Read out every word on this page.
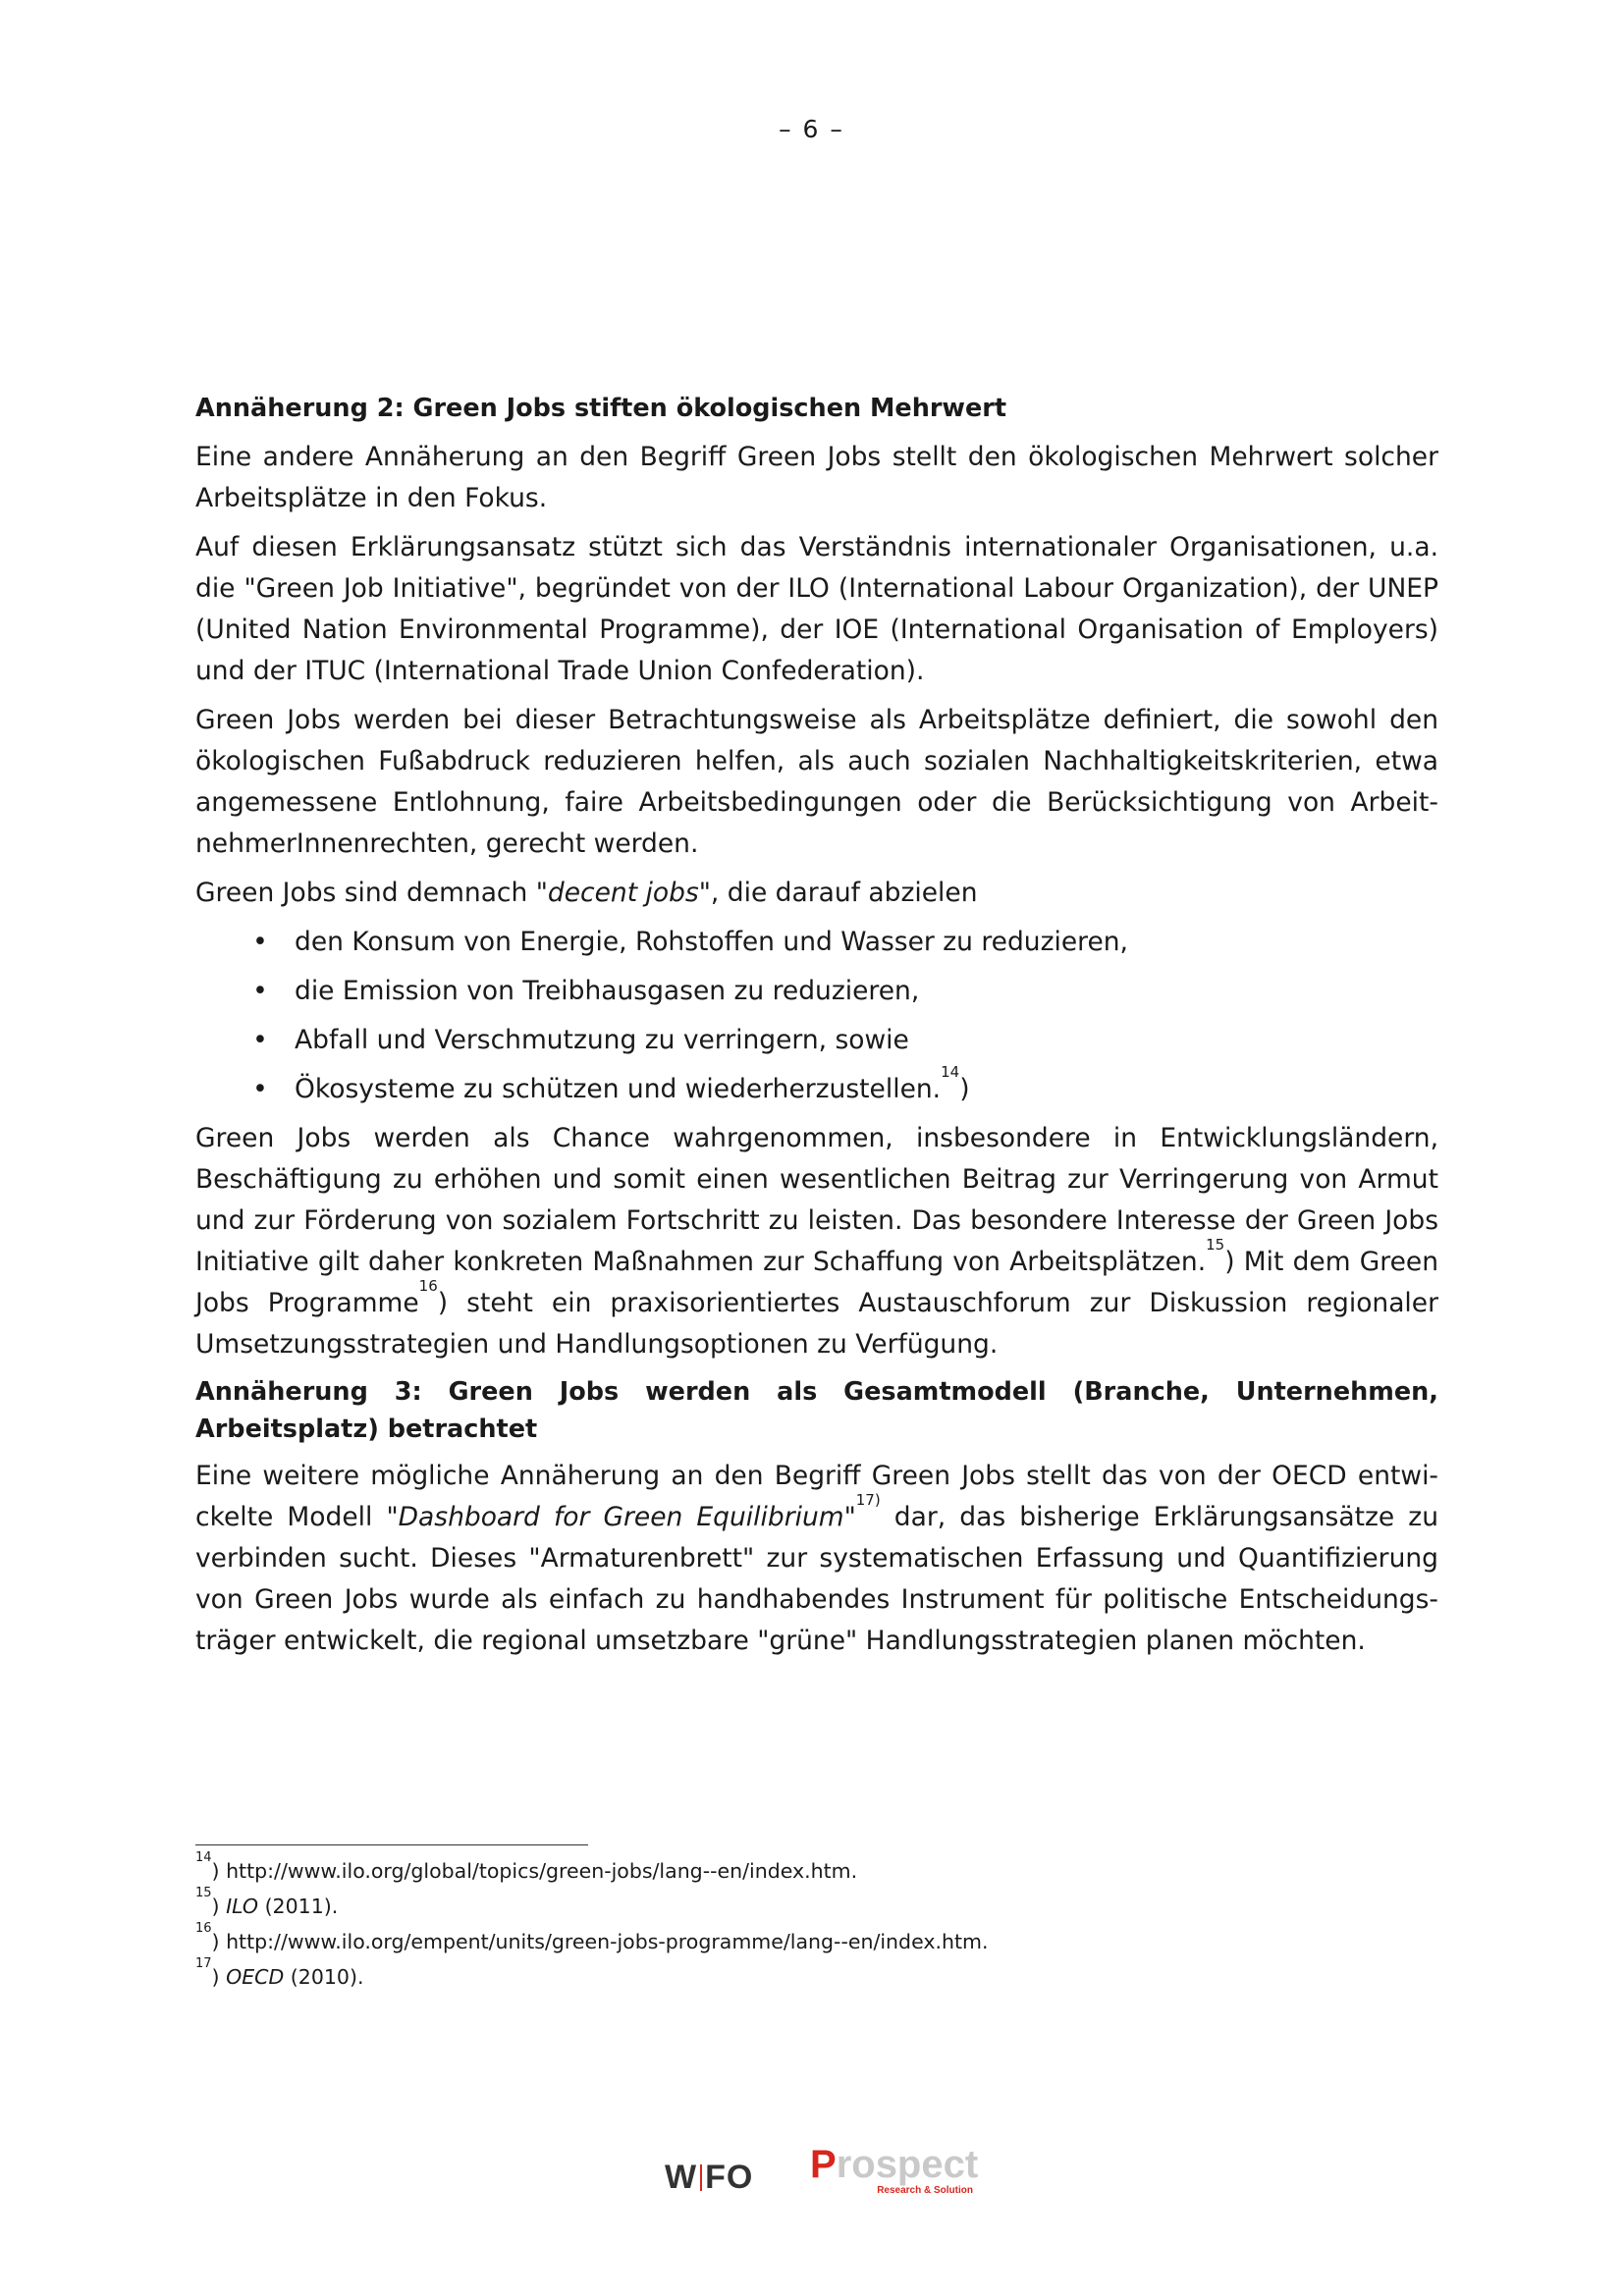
– 6 –

Annäherung 2: Green Jobs stiften ökologischen Mehrwert

Eine andere Annäherung an den Begriff Green Jobs stellt den ökologischen Mehrwert solcher Arbeitsplätze in den Fokus.

Auf diesen Erklärungsansatz stützt sich das Verständnis internationaler Organisationen, u.a. die "Green Job Initiative", begründet von der ILO (International Labour Organization), der UNEP (United Nation Environmental Programme), der IOE (International Organisation of Employers) und der ITUC (International Trade Union Confederation).

Green Jobs werden bei dieser Betrachtungsweise als Arbeitsplätze definiert, die sowohl den ökologischen Fußabdruck reduzieren helfen, als auch sozialen Nachhaltigkeitskriterien, etwa angemessene Entlohnung, faire Arbeitsbedingungen oder die Berücksichtigung von Arbeit-nehmerInnenrechten, gerecht werden.

Green Jobs sind demnach "decent jobs", die darauf abzielen

• den Konsum von Energie, Rohstoffen und Wasser zu reduzieren,
• die Emission von Treibhausgasen zu reduzieren,
• Abfall und Verschmutzung zu verringern, sowie
• Ökosysteme zu schützen und wiederherzustellen.$^{14}$)

Green Jobs werden als Chance wahrgenommen, insbesondere in Entwicklungsländern, Beschäftigung zu erhöhen und somit einen wesentlichen Beitrag zur Verringerung von Armut und zur Förderung von sozialem Fortschritt zu leisten. Das besondere Interesse der Green Jobs Initiative gilt daher konkreten Maßnahmen zur Schaffung von Arbeitsplätzen.$^{15}$) Mit dem Green Jobs Programme$^{16}$) steht ein praxisorientiertes Austauschforum zur Diskussion regionaler Umsetzungsstrategien und Handlungsoptionen zu Verfügung.

Annäherung 3: Green Jobs werden als Gesamtmodell (Branche, Unternehmen, Arbeitsplatz) betrachtet

Eine weitere mögliche Annäherung an den Begriff Green Jobs stellt das von der OECD entwi-ckelte Modell "Dashboard for Green Equilibrium"$^{17)}$ dar, das bisherige Erklärungsansätze zu verbinden sucht. Dieses "Armaturenbrett" zur systematischen Erfassung und Quantifizierung von Green Jobs wurde als einfach zu handhabendes Instrument für politische Entscheidungs-träger entwickelt, die regional umsetzbare "grüne" Handlungsstrategien planen möchten.

$^{14}$) http://www.ilo.org/global/topics/green-jobs/lang--en/index.htm.
$^{15}$) ILO (2011).
$^{16}$) http://www.ilo.org/empent/units/green-jobs-programme/lang--en/index.htm.
$^{17}$) OECD (2010).
W FO Prospect
Research & Solution
